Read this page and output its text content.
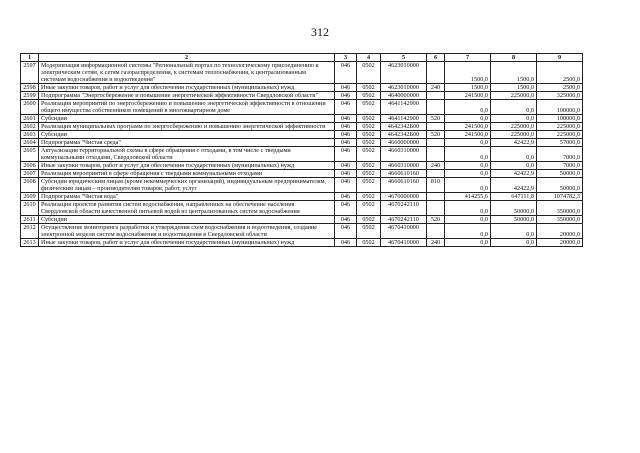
312
1	2	3	4	5	6	7	8	9
2597	Модернизация информационной системы "Региональный портал по технологическому присоединению к электрическим сетям, к сетям газораспределения, к системам теплоснабжения, к централизованным системам водоснабжения и водоотведения"	046	0502	4623010000		1500,0	1500,0	2500,0
2598	Иные закупки товаров, работ и услуг для обеспечения государственных (муниципальных) нужд	046	0502	4623010000	240	1500,0	1500,0	2500,0
2599	Подпрограмма "Энергосбережение и повышение энергетической эффективности Свердловской области"	046	0502	4640000000		241500,0	225000,0	325000,0
2600	Реализация мероприятий по энергосбережению и повышению энергетической эффективности в отношении общего имущества собственников помещений в многоквартирном доме	046	0502	4641142900		0,0	0,0	100000,0
2601	Субсидии	046	0502	4641142900	520	0,0	0,0	100000,0
2602	Реализация муниципальных программ по энергосбережению и повышению энергетической эффективности	046	0502	4642342Б00		241500,0	225000,0	225000,0
2603	Субсидии	046	0502	4642342Б00	520	241500,0	225000,0	225000,0
2604	Подпрограмма "Чистая среда"	046	0502	4660000000		0,0	42422,9	57000,0
2605	Актуализация территориальной схемы в сфере обращения с отходами, в том числе с твердыми коммунальными отходами, Свердловской области	046	0502	4660310000		0,0	0,0	7000,0
2606	Иные закупки товаров, работ и услуг для обеспечения государственных (муниципальных) нужд	046	0502	4660310000	240	0,0	0,0	7000,0
2607	Реализация мероприятий в сфере обращения с твердыми коммунальными отходами	046	0502	4660610160		0,0	42422,9	50000,0
2608	Субсидии юридическим лицам (кроме некоммерческих организаций), индивидуальным предпринимателям, физическим лицам – производителям товаров, работ, услуг	046	0502	4660610160	810	0,0	42422,9	50000,0
2609	Подпрограмма "Чистая вода"	046	0502	4670000000		414255,6	647111,8	1074782,3
2610	Реализация проектов развития систем водоснабжения, направленных на обеспечение населения Свердловской области качественной питьевой водой из централизованных систем водоснабжения	046	0502	4670242110		0,0	50000,0	350000,0
2611	Субсидии	046	0502	4670242110	520	0,0	50000,0	350000,0
2612	Осуществление мониторинга разработки и утверждения схем водоснабжения и водоотведения, создание электронной модели систем водоснабжения и водоотведения в Свердловской области	046	0502	4670410000		0,0	0,0	20000,0
2613	Иные закупки товаров, работ и услуг для обеспечения государственных (муниципальных) нужд	046	0502	4670410000	240	0,0	0,0	20000,0
